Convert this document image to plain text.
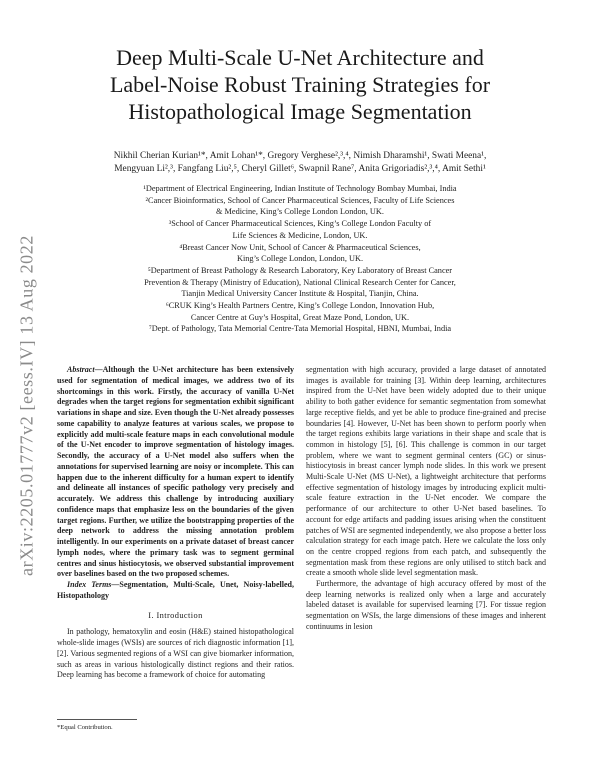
Deep Multi-Scale U-Net Architecture and
Label-Noise Robust Training Strategies for
Histopathological Image Segmentation
Nikhil Cherian Kurian¹*, Amit Lohan¹*, Gregory Verghese²,³,⁴, Nimish Dharamshi¹, Swati Meena¹,
Mengyuan Li²,³, Fangfang Liu²,⁵, Cheryl Gillet⁶, Swapnil Rane⁷, Anita Grigoriadis²,³,⁴, Amit Sethi¹
¹Department of Electrical Engineering, Indian Institute of Technology Bombay Mumbai, India
²Cancer Bioinformatics, School of Cancer Pharmaceutical Sciences, Faculty of Life Sciences
& Medicine, King’s College London London, UK.
³School of Cancer Pharmaceutical Sciences, King’s College London Faculty of
Life Sciences & Medicine, London, UK.
⁴Breast Cancer Now Unit, School of Cancer & Pharmaceutical Sciences,
King’s College London, London, UK.
⁵Department of Breast Pathology & Research Laboratory, Key Laboratory of Breast Cancer
Prevention & Therapy (Ministry of Education), National Clinical Research Center for Cancer,
Tianjin Medical University Cancer Institute & Hospital, Tianjin, China.
⁶CRUK King’s Health Partners Centre, King’s College London, Innovation Hub,
Cancer Centre at Guy’s Hospital, Great Maze Pond, London, UK.
⁷Dept. of Pathology, Tata Memorial Centre-Tata Memorial Hospital, HBNI, Mumbai, India
arXiv:2205.01777v2 [eess.IV] 13 Aug 2022	Abstract—Although the U-Net architecture has been extensively used for segmentation of medical images, we address two of its shortcomings in this work. Firstly, the accuracy of vanilla U-Net degrades when the target regions for segmentation exhibit significant variations in shape and size. Even though the U-Net already possesses some capability to analyze features at various scales, we propose to explicitly add multi-scale feature maps in each convolutional module of the U-Net encoder to improve segmentation of histology images. Secondly, the accuracy of a U-Net model also suffers when the annotations for supervised learning are noisy or incomplete. This can happen due to the inherent difficulty for a human expert to identify and delineate all instances of specific pathology very precisely and accurately. We address this challenge by introducing auxiliary confidence maps that emphasize less on the boundaries of the given target regions. Further, we utilize the bootstrapping properties of the deep network to address the missing annotation problem intelligently. In our experiments on a private dataset of breast cancer lymph nodes, where the primary task was to segment germinal centres and sinus histiocytosis, we observed substantial improvement over baselines based on the two proposed schemes.

Index Terms—Segmentation, Multi-Scale, Unet, Noisy-labelled, Histopathology

I. Introduction

In pathology, hematoxylin and eosin (H&E) stained histopathological whole-slide images (WSIs) are sources of rich diagnostic information [1], [2]. Various segmented regions of a WSI can give biomarker information, such as areas in various histologically distinct regions and their ratios. Deep learning has become a framework of choice for automating

*Equal Contribution.

segmentation with high accuracy, provided a large dataset of annotated images is available for training [3]. Within deep learning, architectures inspired from the U-Net have been widely adopted due to their unique ability to both gather evidence for semantic segmentation from somewhat large receptive fields, and yet be able to produce fine-grained and precise boundaries [4]. However, U-Net has been shown to perform poorly when the target regions exhibits large variations in their shape and scale that is common in histology [5], [6]. This challenge is common in our target problem, where we want to segment germinal centers (GC) or sinus-histiocytosis in breast cancer lymph node slides. In this work we present Multi-Scale U-Net (MS U-Net), a lightweight architecture that performs effective segmentation of histology images by introducing explicit multi-scale feature extraction in the U-Net encoder. We compare the performance of our architecture to other U-Net based baselines. To account for edge artifacts and padding issues arising when the constituent patches of WSI are segmented independently, we also propose a better loss calculation strategy for each image patch. Here we calculate the loss only on the centre cropped regions from each patch, and subsequently the segmentation mask from these regions are only utilised to stitch back and create a smooth whole slide level segmentation mask.

Furthermore, the advantage of high accuracy offered by most of the deep learning networks is realized only when a large and accurately labeled dataset is available for supervised learning [7]. For tissue region segmentation on WSIs, the large dimensions of these images and inherent continuums in lesion
